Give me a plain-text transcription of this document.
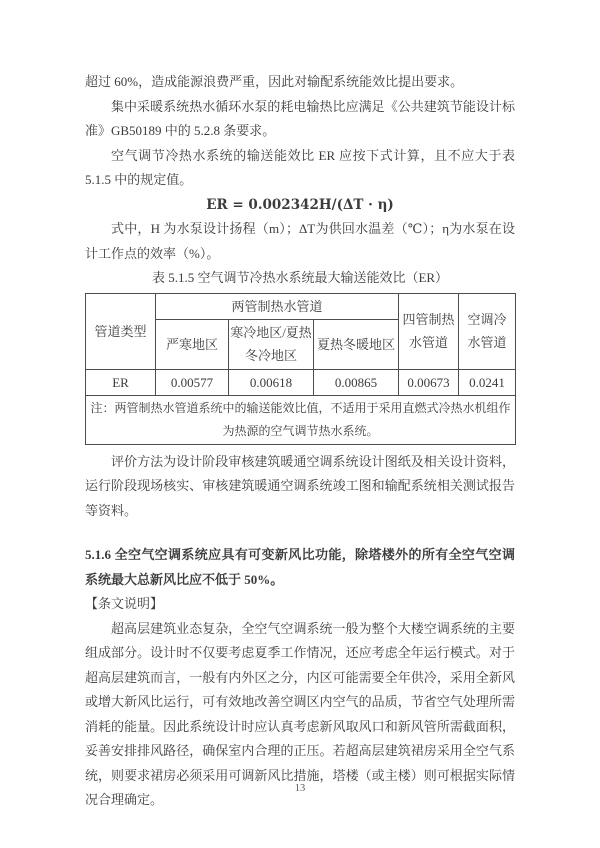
超过 60%，造成能源浪费严重，因此对输配系统能效比提出要求。

集中采暖系统热水循环水泵的耗电输热比应满足《公共建筑节能设计标准》GB50189 中的 5.2.8 条要求。

空气调节冷热水系统的输送能效比 ER 应按下式计算，且不应大于表 5.1.5 中的规定值。

ER = 0.002342H/(ΔT · η)

式中，H 为水泵设计扬程（m）；ΔT为供回水温差（℃）；η为水泵在设计工作点的效率（%）。

表 5.1.5 空气调节冷热水系统最大输送能效比（ER）
管道类型	两管制热水管道			四管制热水管道	空调冷水管道

	严寒地区	寒冷地区/夏热冬冷地区	夏热冬暖地区		
ER	0.00577	0.00618	0.00865	0.00673	0.0241
注：两管制热水管道系统中的输送能效比值，不适用于采用直燃式冷热水机组作为热源的空气调节热水系统。					

评价方法为设计阶段审核建筑暖通空调系统设计图纸及相关设计资料，运行阶段现场核实、审核建筑暖通空调系统竣工图和输配系统相关测试报告等资料。

5.1.6 全空气空调系统应具有可变新风比功能，除塔楼外的所有全空气空调系统最大总新风比应不低于 50%。

【条文说明】

超高层建筑业态复杂，全空气空调系统一般为整个大楼空调系统的主要组成部分。设计时不仅要考虑夏季工作情况，还应考虑全年运行模式。对于超高层建筑而言，一般有内外区之分，内区可能需要全年供冷，采用全新风或增大新风比运行，可有效地改善空调区内空气的品质，节省空气处理所需消耗的能量。因此系统设计时应认真考虑新风取风口和新风管所需截面积，妥善安排排风路径，确保室内合理的正压。若超高层建筑裙房采用全空气系统，则要求裙房必须采用可调新风比措施，塔楼（或主楼）则可根据实际情况合理确定。

13
